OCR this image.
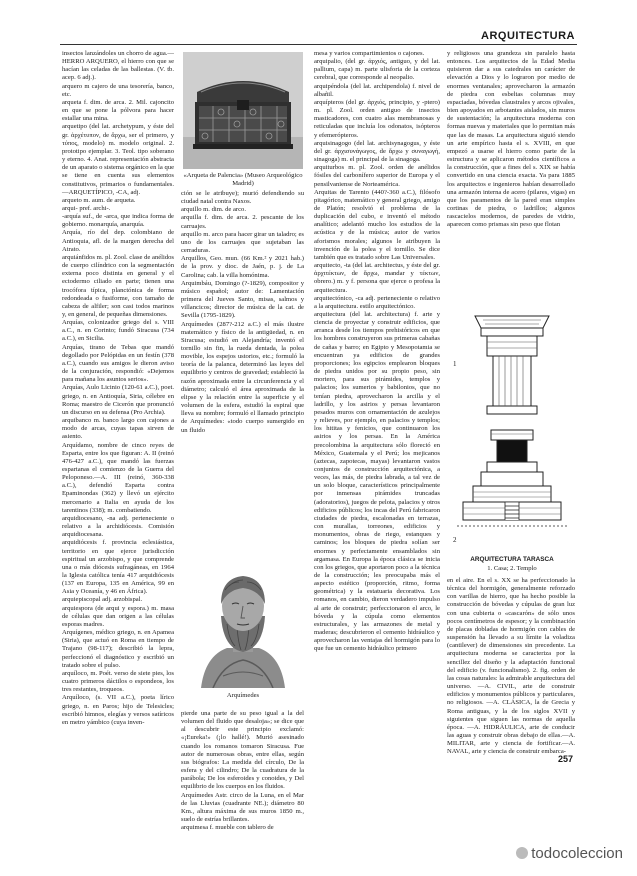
ARQUITECTURA

insectos lanzándoles un chorro de agua.— HERRO ARQUERO, el hierro con que se hacían las celadas de las ballestas. (V. tb. acep. 6 adj.).

arquero m cajero de una tesorería, banco, etc.

arqueta f. dim. de arca. 2. Mil. cajoncito en que se pone la pólvora para hacer estallar una mina.

arquetipo (del lat. archetypum, y éste del gr. ἀρχέτυπον, de ἄρχω, ser el primero, y τύπος, modelo) m. modelo original. 2. prototipo ejemplar. 3. Teol. tipo soberano y eterno. 4. Anat. representación abstracta de un aparato o sistema orgánico en la que se tiene en cuenta sus elementos constitutivos, primarios o fundamentales. —ARQUETÍPICO, -CA, adj.

arqueto m. aum. de arqueta.

arqui- pref. archi-.

-arquía suf., de -arca, que indica forma de gobierno. monarquía, anarquía.

Arquía, río del dep. colombiano de Antioquia, afl. de la margen derecha del Atrato.

arquiánfidos m. pl. Zool. clase de anélidos de cuerpo cilíndrico con la segmentación externa poco distinta en general y el ectodermo ciliado en parte; tienen una trocófora típica, planctónica de forma redondeada o fusiforme, con tamaño de cabeza de alfiler; son casi todos marinos y, en general, de pequeñas dimensiones.

Arquías, colonizador griego del s. VIII a.C., n. en Corinto; fundó Siracusa (734 a.C.), en Sicilia.

Arquías, tirano de Tebas que mandó degollado por Pelópidas en un festín (378 a.C.), cuando sus amigos le dieron aviso de la conjuración, respondió: «Dejemos para mañana los asuntos serios».

Arquías, Aulo Licinio (120-61 a.C.), poet. griego, n. en Antioquía, Siria, célebre en Roma; maestro de Cicerón que pronunció un discurso en su defensa (Pro Archia).

arquibanco m. banco largo con cajones a modo de arcas, cuyas tapas sirven de asiento.

Arquídamo, nombre de cinco reyes de Esparta, entre los que figuran: A. II (reinó 476-427 a.C.), que mandó las fuerzas espartanas el comienzo de la Guerra del Peloponeso.—A. III (reinó, 360-338 a.C.), defendió Esparta contra Epaminondas (362) y llevó un ejército mercenario a Italia en ayuda de los tarentinos (338); m. combatiendo.

arquidiocesano, -na adj. perteneciente o relativo a la archidiócesis. Comisión arquidiocesana.

arquidiócesis f. provincia eclesiástica, territorio en que ejerce jurisdicción espiritual un arzobispo, y que comprende una o más diócesis sufragáneas, en 1964 la Iglesia católica tenía 417 arquidiócesis (137 en Europa, 135 en América, 99 en Asia y Oceanía, y 46 en África).

arquiepiscopal adj. arzobispal.

arquiespora (de arqui y espora.) m. masa de células que dan origen a las células esporas madres.

Arquígenes, médico griego, n. en Apamea (Siria), que actuó en Roma en tiempo de Trajano (98-117); describió la lepra, perfeccionó el diagnóstico y escribió un tratado sobre el pulso.

arquíloco, m. Poét. verso de siete pies, los cuatro primeros dáctilos o espondeos, los tres restantes, troqueos.

Arquíloco, (s. VII a.C.), poeta lírico griego, n. en Paros; hijo de Telesicles; escribió himnos, elegías y versos satíricos en metro yámbico (cuya inven-

«Arqueta de Palencia» (Museo Arqueológico Madrid)

ción se le atribuye); murió defendiendo su ciudad natal contra Naxos.

arquillo m. dim. de arco.

arquilla f. dim. de arca. 2. pescante de los carruajes.

arquillo m. arco para hacer girar un taladro; es uno de los carruajes que sujetaban las cerraduras.

Arquillos, Geo. mun. (66 Km.² y 2021 hab.) de la prov. y dioc. de Jaén, p. j. de La Carolina; cab. la villa homónima.

Arquimbáu, Domingo (?-1829), compositor y músico español; autor de: Lamentación primera del Jueves Santo, misas, salmos y villancicos; director de música de la cat. de Sevilla (1795-1829).

Arquímedes (287?-212 a.C.) el más ilustre matemático y físico de la antigüedad, n. en Siracusa; estudió en Alejandría; inventó el tornillo sin fin, la rueda dentada, la polea movible, los espejos ustorios, etc.; formuló la teoría de la palanca, determinó las leyes del equilibrio y centros de gravedad; estableció la razón aproximada entre la circunferencia y el diámetro; calculó el área aproximada de la elipse y la relación entre la superficie y el volumen de la esfera, estudió la espiral que lleva su nombre; formuló el llamado principio de Arquímedes: «todo cuerpo sumergido en un fluido

Arquímedes

pierde una parte de su peso igual a la del volumen del fluido que desaloja»; se dice que al descubrir este principio exclamó: «¡Eureka!» (¡lo hallé!). Murió asesinado cuando los romanos tomaron Siracusa. Fue autor de numerosas obras, entre ellas, según sus biógrafos: La medida del círculo, De la esfera y del cilindro; De la cuadratura de la parábola; De los esferoides y conoides, y Del equilibrio de los cuerpos en los fluidos.

Arquímedes Astr. circo de la Luna, en el Mar de las Lluvias (cuadrante NE.); diámetro 80 Km., altura máxima de sus muros 1850 m., suelo de estrías brillantes.

arquimesa f. mueble con tablero de

mesa y varios compartimientos o cajones.

arquipalio, (del gr. ἀρχιός, antiguo, y del lat. pallium, capa) m. parte ulisforia de la corteza cerebral, que corresponde al neopalio.

arquipéndola (del lat. archipendola) f. nivel de albañil.

arquípteros (del gr. ἀρχιός, principio, y -ptero) m. pl. Zool. orden antiguo de insectos masticadores, con cuatro alas membranosas y reticuladas que incluía los odonatos, isópteros y efemerópteros.

arquisinagogo (del lat. archisynagogus, y éste del gr. ἀρχισυνάγωγος, de ἄρχω y συναγωγή, sinagoga) m. el principal de la sinagoga.

arquiturbos m. pl. Zool. orden de anélidos fósiles del carbonífero superior de Europa y el pensilvaniense de Norteamérica.

Arquitas de Tarento (440?-360 a.C.), filósofo pitagórico, matemático y general griego, amigo de Platón; resolvió el problema de la duplicación del cubo, e inventó el método analítico; adelantó mucho los estudios de la acústica y de la música; autor de varios aforismos morales; algunos le atribuyen la invención de la polea y el tornillo. Se dice también que es tratado sobre Las Universales.

arquitecto, -ta (del lat. architectus, y éste del gr. ἀρχιτέκτων, de ἄρχω, mandar y τέκτων, obrero.) m. y f. persona que ejerce o profesa la arquitectura.

arquitectónico, -ca adj. perteneciente o relativo a la arquitectura. estilo arquitectónico.

arquitectura (del lat. architectura) f. arte y ciencia de proyectar y construir edificios, que arranca desde los tiempos prehistóricos en que los hombres construyeron sus primeras cabañas de cañas y barro; en Egipto y Mesopotamia se encuentran ya edificios de grandes proporciones; los egipcios emplearon bloques de piedra unidos por su propio peso, sin mortero, para sus pirámides, templos y palacios; los sumerios y babilonios, que no tenían piedra, aprovecharon la arcilla y el ladrillo, y los asirios y persas levantaron pesados muros con ornamentación de azulejos y relieves, por ejemplo, en palacios y templos; los hititas y fenicios, que continuaron los asirios y los persas. En la América precolombina la arquitectura sólo floreció en México, Guatemala y el Perú; los mejicanos (aztecas, zapotecas, mayas) levantaron vastos conjuntos de construcción arquitectónica, a veces, las más, de piedra labrada, a tal vez de un solo bloque, característicos principalmente por inmensas pirámides truncadas (adoratorios), juegos de pelota, palacios y otros edificios públicos; los incas del Perú fabricaron ciudades de piedra, escalonadas en terrazas, con murallas, torreones, edificios y monumentos, obras de riego, estanques y caminos; los bloques de piedra solían ser enormes y perfectamente ensamblados sin argamasa. En Europa la época clásica se inicia con los griegos, que aportaron poco a la técnica de la construcción; les preocupaba más el aspecto estético (proporción, ritmo, forma geométrica) y la estatuaria decorativa. Los romanos, en cambio, dieron verdadero impulso al arte de construir; perfeccionaron el arco, le bóveda y la cúpula como elementos estructurales, y las armazones de metal y maderas; descubrieron el cemento hidráulico y aprovecharon las ventajas del hormigón para lo que fue un cemento hidráulico primero

y religiosos una grandeza sin paralelo hasta entonces. Los arquitectos de la Edad Media quisieron dar a sus catedrales un carácter de elevación a Dios y lo lograron por medio de enormes ventanales; aprovecharon la armazón de piedra con esbeltas columnas muy espaciadas, bóvedas claustrales y arcos ojivales, bien apoyados en arbotantes aislados, sin muros de sustentación; la arquitectura moderna con formas nuevas y materiales que lo permitan más que las de masas. La arquitectura siguió siendo un arte empírico hasta el s. XVIII, en que empezó a usarse el hierro como parte de la estructura y se aplicaron métodos científicos a la construcción, que a fines del s. XIX se había convertido en una ciencia exacta. Ya para 1885 los arquitectos e ingenieros habían desarrollado una armazón interna de acero (pilares, vigas) en que los paramentos de la pared eran simples cortinas de piedra, o ladrillos; algunos rascacielos modernos, de paredes de vidrio, aparecen como prismas sin peso que flotan

1
2
ARQUITECTURA TARASCA
1. Casa; 2. Templo

en el aire. En el s. XX se ha perfeccionado la técnica del hormigón, generalmente reforzado con varillas de hierro, que ha hecho posible la construcción de bóvedas y cúpulas de gran luz con una cubierta o «cascarón» de sólo unos pocos centímetros de espesor; y la combinación de placas dobladas de hormigón con cables de suspensión ha llevado a su límite la voladiza (cantilever) de dimensiones sin precedente. La arquitectura moderna se caracteriza por la sencillez del diseño y la adaptación funcional del edificio (v. funcionalismo). 2. fig. orden de las cosas naturales: la admirable arquitectura del universo. —A. CIVIL, arte de construir edificios y monumentos públicos y particulares, no religiosos. —A. CLÁSICA, la de Grecia y Roma antiguas, y la de los siglos XVII y siguientes que siguen las normas de aquella época. —A. HIDRÁULICA, arte de conducir las aguas y construir obras debajo de ellas.—A. MILITAR, arte y ciencia de fortificar.—A. NAVAL, arte y ciencia de construir embarca-

257
todocoleccion
